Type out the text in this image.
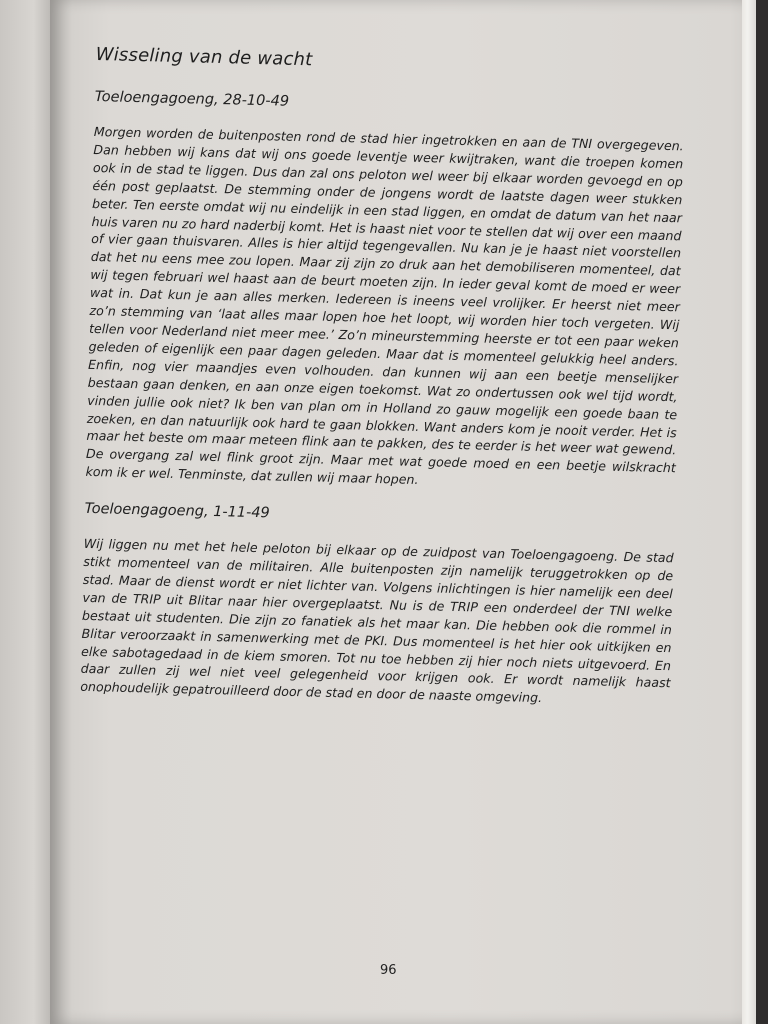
Wisseling van de wacht
Toeloengagoeng, 28-10-49

Morgen worden de buitenposten rond de stad hier ingetrokken en aan de TNI overgegeven. Dan hebben wij kans dat wij ons goede leventje weer kwijtraken, want die troepen komen ook in de stad te liggen. Dus dan zal ons peloton wel weer bij elkaar worden gevoegd en op één post geplaatst. De stemming onder de jongens wordt de laatste dagen weer stukken beter. Ten eerste omdat wij nu eindelijk in een stad liggen, en omdat de datum van het naar huis varen nu zo hard naderbij komt. Het is haast niet voor te stellen dat wij over een maand of vier gaan thuisvaren. Alles is hier altijd tegengevallen. Nu kan je je haast niet voorstellen dat het nu eens mee zou lopen. Maar zij zijn zo druk aan het demobiliseren momenteel, dat wij tegen februari wel haast aan de beurt moeten zijn. In ieder geval komt de moed er weer wat in. Dat kun je aan alles merken. Iedereen is ineens veel vrolijker. Er heerst niet meer zo’n stemming van ‘laat alles maar lopen hoe het loopt, wij worden hier toch vergeten. Wij tellen voor Nederland niet meer mee.’ Zo’n mineurstemming heerste er tot een paar weken geleden of eigenlijk een paar dagen geleden. Maar dat is momenteel gelukkig heel anders. Enfin, nog vier maandjes even volhouden. dan kunnen wij aan een beetje menselijker bestaan gaan denken, en aan onze eigen toekomst. Wat zo ondertussen ook wel tijd wordt, vinden jullie ook niet? Ik ben van plan om in Holland zo gauw mogelijk een goede baan te zoeken, en dan natuurlijk ook hard te gaan blokken. Want anders kom je nooit verder. Het is maar het beste om maar meteen flink aan te pakken, des te eerder is het weer wat gewend. De overgang zal wel flink groot zijn. Maar met wat goede moed en een beetje wilskracht kom ik er wel. Tenminste, dat zullen wij maar hopen.

Toeloengagoeng, 1-11-49

Wij liggen nu met het hele peloton bij elkaar op de zuidpost van Toeloengagoeng. De stad stikt momenteel van de militairen. Alle buitenposten zijn namelijk teruggetrokken op de stad. Maar de dienst wordt er niet lichter van. Volgens inlichtingen is hier namelijk een deel van de TRIP uit Blitar naar hier overgeplaatst. Nu is de TRIP een onderdeel der TNI welke bestaat uit studenten. Die zijn zo fanatiek als het maar kan. Die hebben ook die rommel in Blitar veroorzaakt in samenwerking met de PKI. Dus momenteel is het hier ook uitkijken en elke sabotagedaad in de kiem smoren. Tot nu toe hebben zij hier noch niets uitgevoerd. En daar zullen zij wel niet veel gelegenheid voor krijgen ook. Er wordt namelijk haast onophoudelijk gepatrouilleerd door de stad en door de naaste omgeving.

96
